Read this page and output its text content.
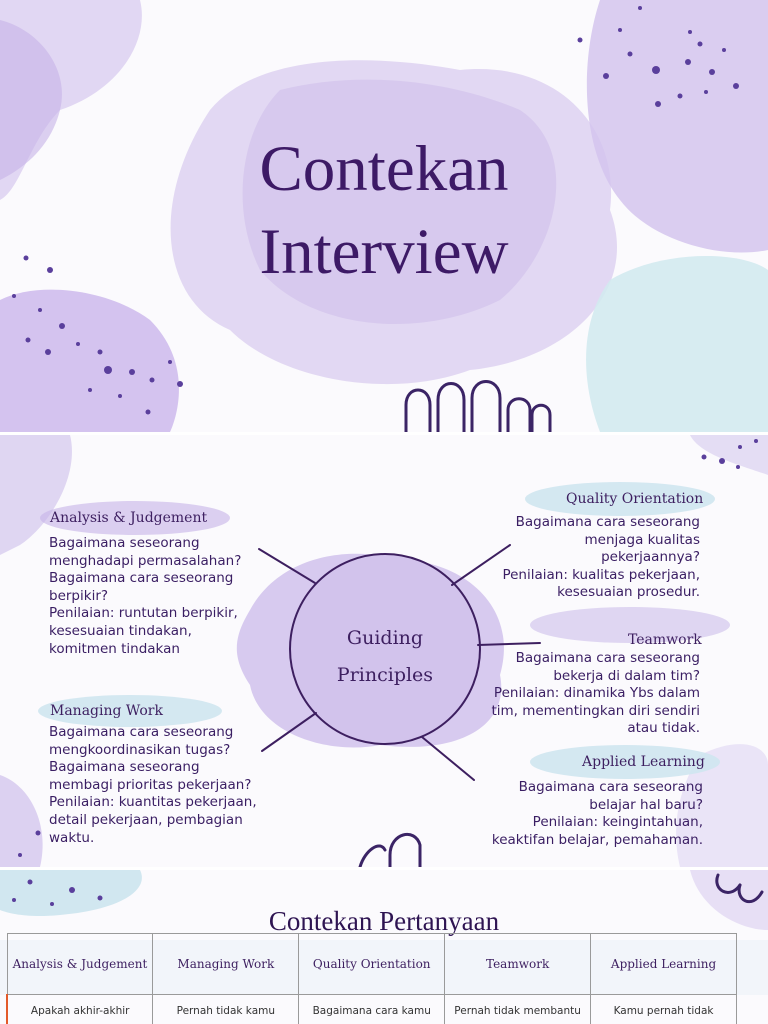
Contekan
Interview
Guiding
Principles
Analysis & Judgement
Bagaimana seseorang
menghadapi permasalahan?
Bagaimana cara seseorang
berpikir?
Penilaian: runtutan berpikir,
kesesuaian tindakan,
komitmen tindakan
Managing Work
Bagaimana cara seseorang
mengkoordinasikan tugas?
Bagaimana seseorang
membagi prioritas pekerjaan?
Penilaian: kuantitas pekerjaan,
detail pekerjaan, pembagian
waktu.
Quality Orientation
Bagaimana cara seseorang
menjaga kualitas
pekerjaannya?
Penilaian: kualitas pekerjaan,
kesesuaian prosedur.
Teamwork
Bagaimana cara seseorang
bekerja di dalam tim?
Penilaian: dinamika Ybs dalam
tim, mementingkan diri sendiri
atau tidak.
Applied Learning
Bagaimana cara seseorang
belajar hal baru?
Penilaian: keingintahuan,
keaktifan belajar, pemahaman.
Contekan Pertanyaan
Analysis & Judgement	Managing Work	Quality Orientation	Teamwork	Applied Learning
Apakah akhir-akhir	Pernah tidak kamu	Bagaimana cara kamu	Pernah tidak membantu	Kamu pernah tidak
